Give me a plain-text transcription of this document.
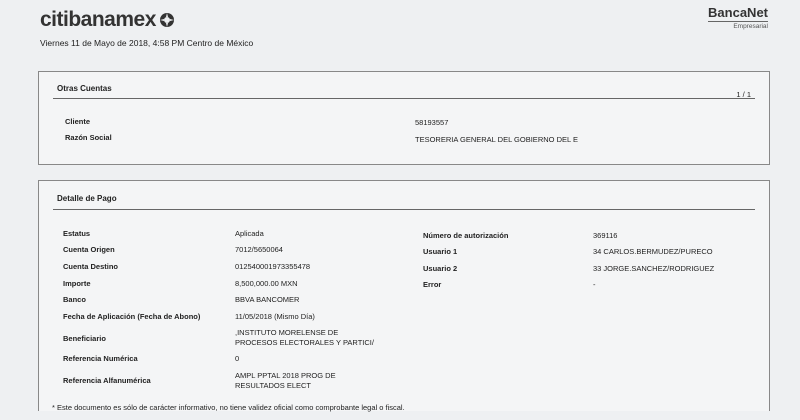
citibanamex
Viernes 11 de Mayo de 2018, 4:58 PM Centro de México
BancaNet
Empresarial
Otras Cuentas
1 / 1
Cliente	58193557
Razón Social	TESORERIA GENERAL DEL GOBIERNO DEL E
Detalle de Pago
Estatus
Cuenta Origen
Cuenta Destino
Importe
Banco
Fecha de Aplicación (Fecha de Abono)
Beneficiario
Referencia Numérica
Referencia Alfanumérica
Aplicada
7012/5650064
012540001973355478
8,500,000.00 MXN
BBVA BANCOMER
11/05/2018 (Mismo Día)
,INSTITUTO MORELENSE DE
PROCESOS ELECTORALES Y PARTICI/
0
AMPL PPTAL 2018 PROG DE
RESULTADOS ELECT
Número de autorización
Usuario 1
Usuario 2
Error
369116
34 CARLOS.BERMUDEZ/PURECO
33 JORGE.SANCHEZ/RODRIGUEZ
-
* Este documento es sólo de carácter informativo, no tiene validez oficial como comprobante legal o fiscal.
